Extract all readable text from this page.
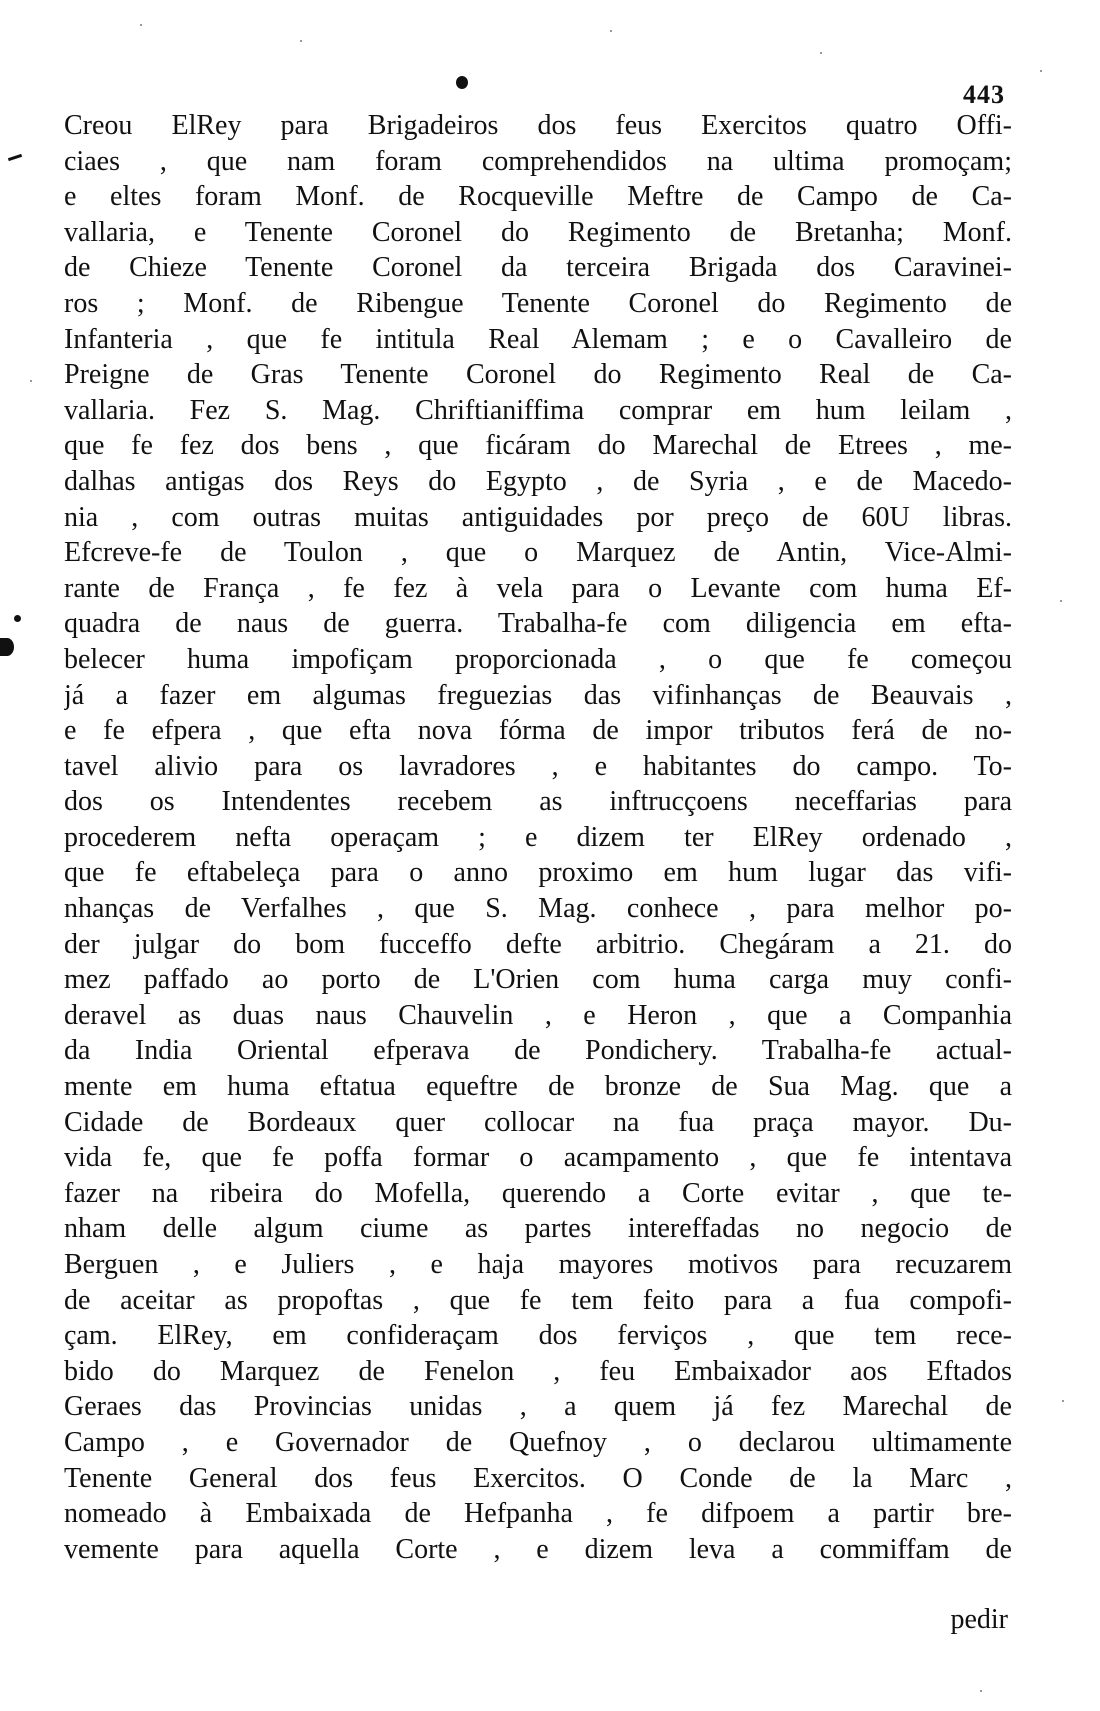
443
Creou ElRey para Brigadeiros dos feus Exercitos quatro Offi-
ciaes , que nam foram comprehendidos na ultima promoçam;
e eltes foram Monf. de Rocqueville Meftre de Campo de Ca-
vallaria, e Tenente Coronel do Regimento de Bretanha; Monf.
de Chieze Tenente Coronel da terceira Brigada dos Caravinei-
ros ; Monf. de Ribengue Tenente Coronel do Regimento de
Infanteria , que fe intitula Real Alemam ; e o Cavalleiro de
Preigne de Gras Tenente Coronel do Regimento Real de Ca-
vallaria. Fez S. Mag. Chriftianiffima comprar em hum leilam ,
que fe fez dos bens , que ficáram do Marechal de Etrees , me-
dalhas antigas dos Reys do Egypto , de Syria , e de Macedo-
nia , com outras muitas antiguidades por preço de 60U libras.
Efcreve-fe de Toulon , que o Marquez de Antin, Vice-Almi-
rante de França , fe fez à vela para o Levante com huma Ef-
quadra de naus de guerra. Trabalha-fe com diligencia em efta-
belecer huma impofiçam proporcionada , o que fe começou
já a fazer em algumas freguezias das vifinhanças de Beauvais ,
e fe efpera , que efta nova fórma de impor tributos ferá de no-
tavel alivio para os lavradores , e habitantes do campo. To-
dos os Intendentes recebem as inftrucçoens neceffarias para
procederem nefta operaçam ; e dizem ter ElRey ordenado ,
que fe eftabeleça para o anno proximo em hum lugar das vifi-
nhanças de Verfalhes , que S. Mag. conhece , para melhor po-
der julgar do bom fucceffo defte arbitrio. Chegáram a 21. do
mez paffado ao porto de L'Orien com huma carga muy confi-
deravel as duas naus Chauvelin , e Heron , que a Companhia
da India Oriental efperava de Pondichery. Trabalha-fe actual-
mente em huma eftatua equeftre de bronze de Sua Mag. que a
Cidade de Bordeaux quer collocar na fua praça mayor. Du-
vida fe, que fe poffa formar o acampamento , que fe intentava
fazer na ribeira do Mofella, querendo a Corte evitar , que te-
nham delle algum ciume as partes intereffadas no negocio de
Berguen , e Juliers , e haja mayores motivos para recuzarem
de aceitar as propoftas , que fe tem feito para a fua compofi-
çam. ElRey, em confideraçam dos ferviços , que tem rece-
bido do Marquez de Fenelon , feu Embaixador aos Eftados
Geraes das Provincias unidas , a quem já fez Marechal de
Campo , e Governador de Quefnoy , o declarou ultimamente
Tenente General dos feus Exercitos. O Conde de la Marc ,
nomeado à Embaixada de Hefpanha , fe difpoem a partir bre-
vemente para aquella Corte , e dizem leva a commiffam de
pedir
